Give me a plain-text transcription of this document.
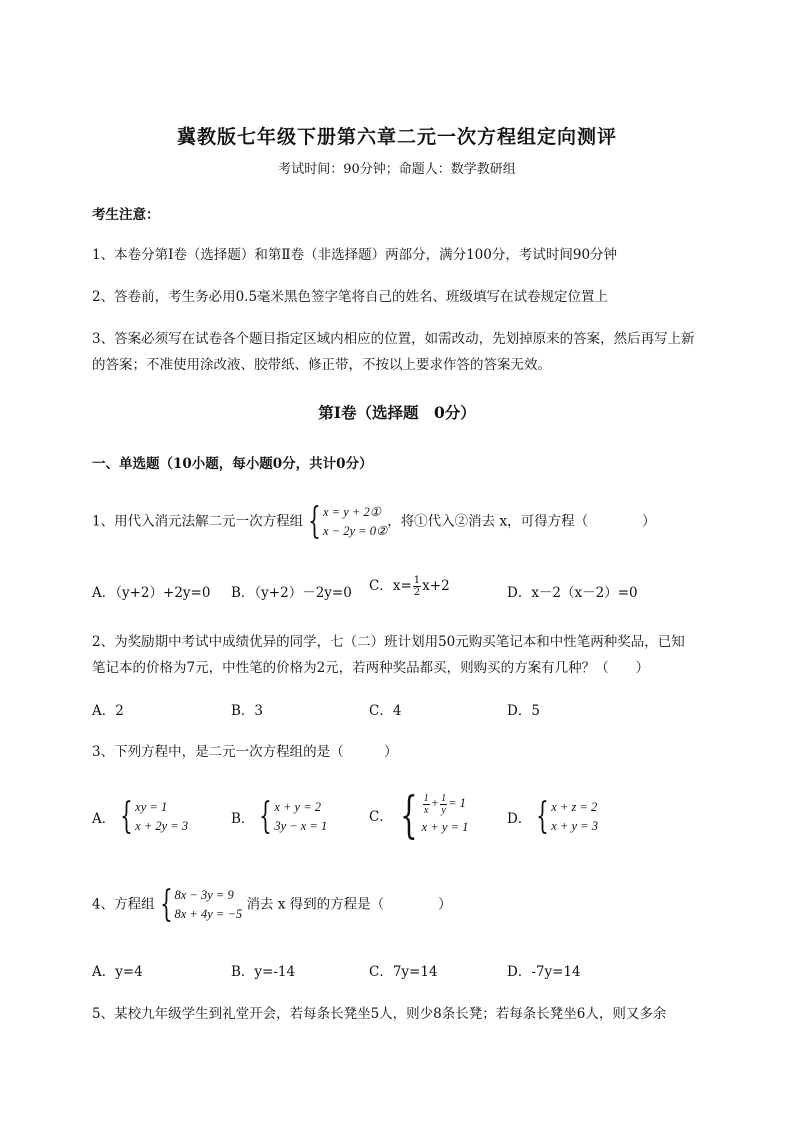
冀教版七年级下册第六章二元一次方程组定向测评
考试时间：90分钟；命题人：数学教研组
考生注意：
1、本卷分第I卷（选择题）和第Ⅱ卷（非选择题）两部分，满分100分，考试时间90分钟
2、答卷前，考生务必用0.5毫米黑色签字笔将自己的姓名、班级填写在试卷规定位置上
3、答案必须写在试卷各个题目指定区域内相应的位置，如需改动，先划掉原来的答案，然后再写上新
的答案；不准使用涂改液、胶带纸、修正带，不按以上要求作答的答案无效。
第I卷（选择题　0分）
一、单选题（10小题，每小题0分，共计0分）
1、用代入消元法解二元一次方程组 { x = y + 2①
x − 2y = 0②
，将①代入②消去 x，可得方程（　　　　）
A．（y+2）+2y=0 B．（y+2）－2y=0 C．$x= \frac{1}{2} x+2$	D．x－2（x－2）=0
2、为奖励期中考试中成绩优异的同学，七（二）班计划用50元购买笔记本和中性笔两种奖品，已知
笔记本的价格为7元，中性笔的价格为2元，若两种奖品都买，则购买的方案有几种？（　　）
A．2	B．3	C．4	D．5
3、下列方程中，是二元一次方程组的是（　　　）
A． { xy = 1
x + 2y = 3	B． { x + y = 2
3y − x = 1
C． { $\frac{1}{x} + \frac{1}{y} = 1$
x + y = 1	D． { x + z = 2
x + y = 3
4、方程组 { 8x − 3y = 9
8x + 4y = −5
消去 x 得到的方程是（　　　　）
A．y=4	B．y=-14	C．7y=14	D．-7y=14
5、某校九年级学生到礼堂开会，若每条长凳坐5人，则少8条长凳；若每条长凳坐6人，则又多余
